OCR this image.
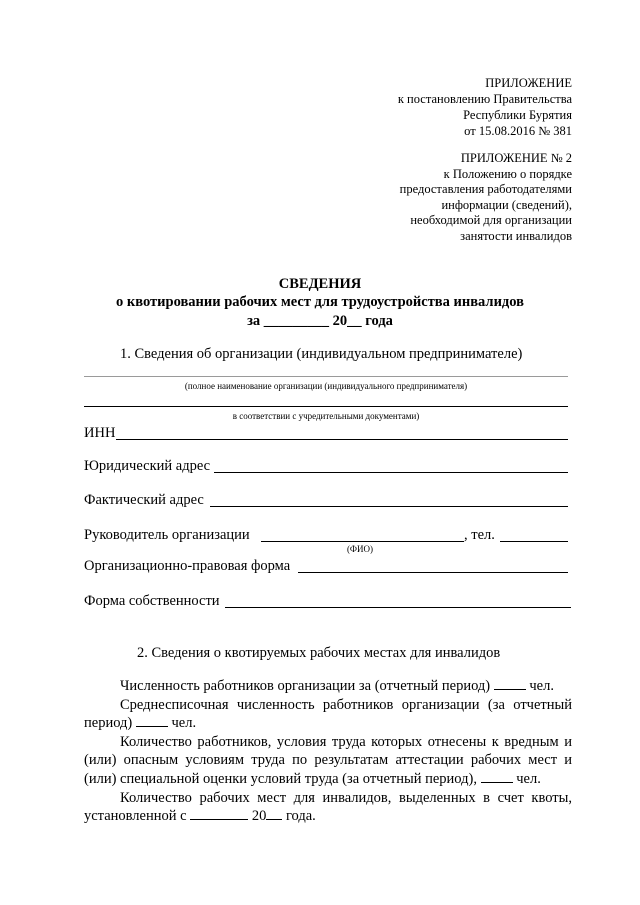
ПРИЛОЖЕНИЕ
к постановлению Правительства
Республики Бурятия
от 15.08.2016 № 381
ПРИЛОЖЕНИЕ № 2
к Положению о порядке
предоставления работодателями
информации (сведений),
необходимой для организации
занятости инвалидов
СВЕДЕНИЯ
о квотировании рабочих мест для трудоустройства инвалидов
за _________ 20__ года
1. Сведения об организации (индивидуальном предпринимателе)
(полное наименование организации (индивидуального предпринимателя)
в соответствии с учредительными документами)
ИНН
Юридический адрес
Фактический адрес
Руководитель организации	, тел.
(ФИО)
Организационно-правовая форма
Форма собственности
2. Сведения о квотируемых рабочих местах для инвалидов
Численность работников организации за (отчетный период)	чел.
Среднесписочная численность работников организации (за отчетный период)	чел.
Количество работников, условия труда которых отнесены к вредным и (или) опасным условиям труда по результатам аттестации рабочих мест и (или) специальной оценки условий труда (за отчетный период),	чел.
Количество рабочих мест для инвалидов, выделенных в счет квоты, установленной с	20 года.
